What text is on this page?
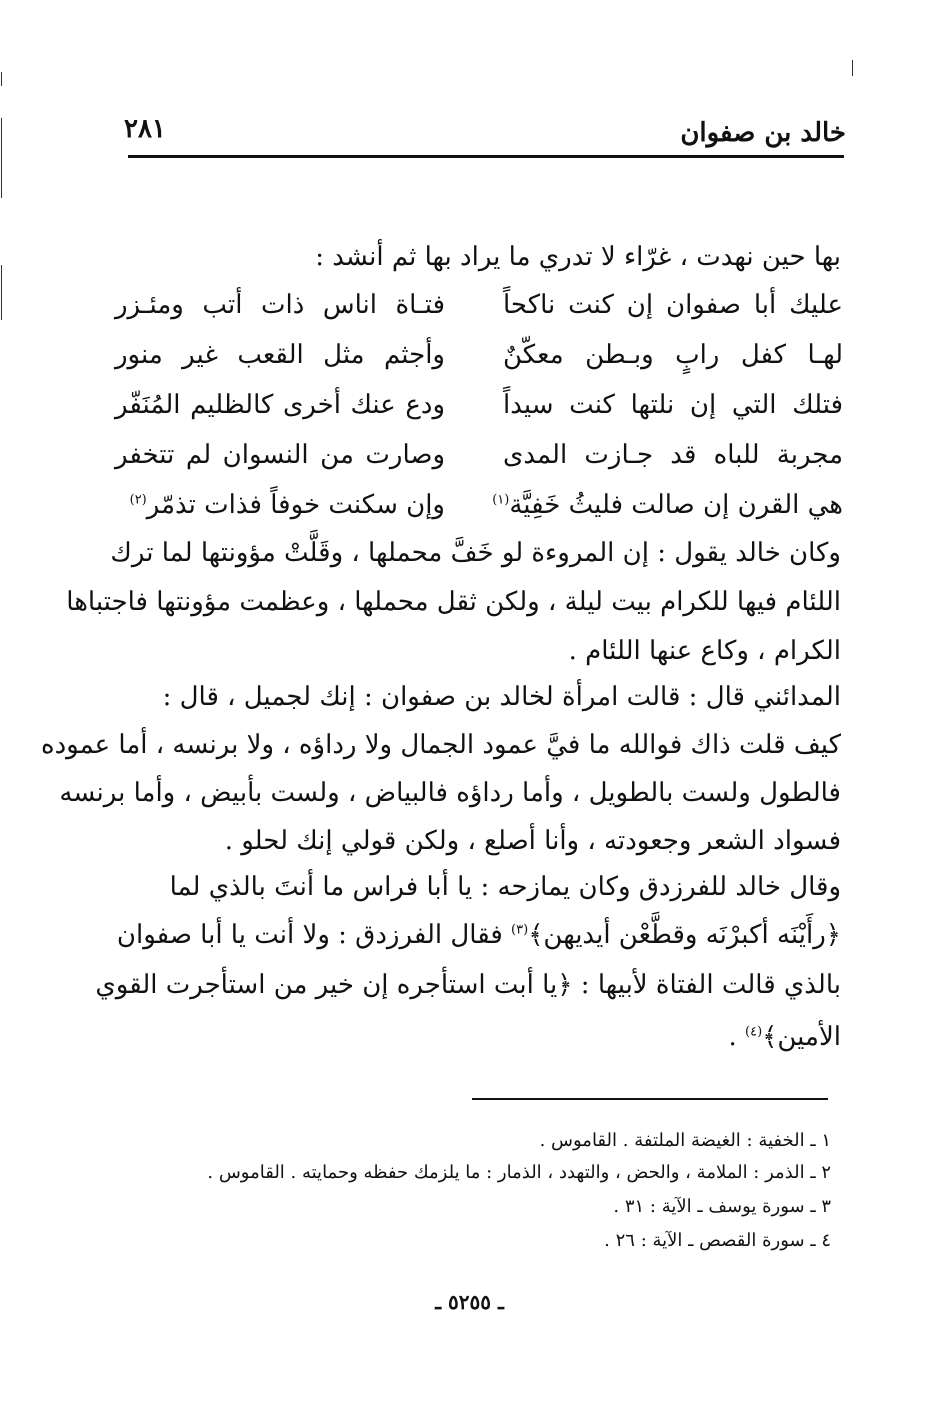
خالد بن صفوان
٢٨١
بها حين نهدت ، غرّاء لا تدري ما يراد بها ثم أنشد :
عليك أبا صفوان إن كنت ناكحاً
فتـاة اناس ذات أتب ومئـزر
لهـا كفل رابٍ وبـطن معكّنٌ
وأجثم مثل القعب غير منور
فتلك التي إن نلتها كنت سيداً
ودع عنك أخرى كالظليم المُنَفّر
مجربة للباه قد جـازت المدى
وصارت من النسوان لم تتخفر
هي القرن إن صالت فليثُ خَفِيَّة$^{(١)}$
وإن سكنت خوفاً فذات تذمّر$^{(٢)}$
وكان خالد يقول : إن المروءة لو خَفَّ محملها ، وقَلَّتْ مؤونتها لما ترك
اللئام فيها للكرام بيت ليلة ، ولكن ثقل محملها ، وعظمت مؤونتها فاجتباها
الكرام ، وكاع عنها اللئام .
المدائني قال : قالت امرأة لخالد بن صفوان : إنك لجميل ، قال :
كيف قلت ذاك فوالله ما فيَّ عمود الجمال ولا رداؤه ، ولا برنسه ، أما عموده
فالطول ولست بالطويل ، وأما رداؤه فالبياض ، ولست بأبيض ، وأما برنسه
فسواد الشعر وجعودته ، وأنا أصلع ، ولكن قولي إنك لحلو .
وقال خالد للفرزدق وكان يمازحه : يا أبا فراس ما أنتَ بالذي لما
﴿رأَيْنَه أكبرْنَه وقطَّعْن أيديهن﴾$^{(٣)}$ فقال الفرزدق : ولا أنت يا أبا صفوان
بالذي قالت الفتاة لأبيها : ﴿يا أبت استأجره إن خير من استأجرت القوي
الأمين﴾$^{(٤)}$ .
١ ـ الخفية : الغيضة الملتفة . القاموس .
٢ ـ الذمر : الملامة ، والحض ، والتهدد ، الذمار : ما يلزمك حفظه وحمايته . القاموس .
٣ ـ سورة يوسف ـ الآية : ٣١ .
٤ ـ سورة القصص ـ الآية : ٢٦ .
ـ ٥٢٥٥ ـ
